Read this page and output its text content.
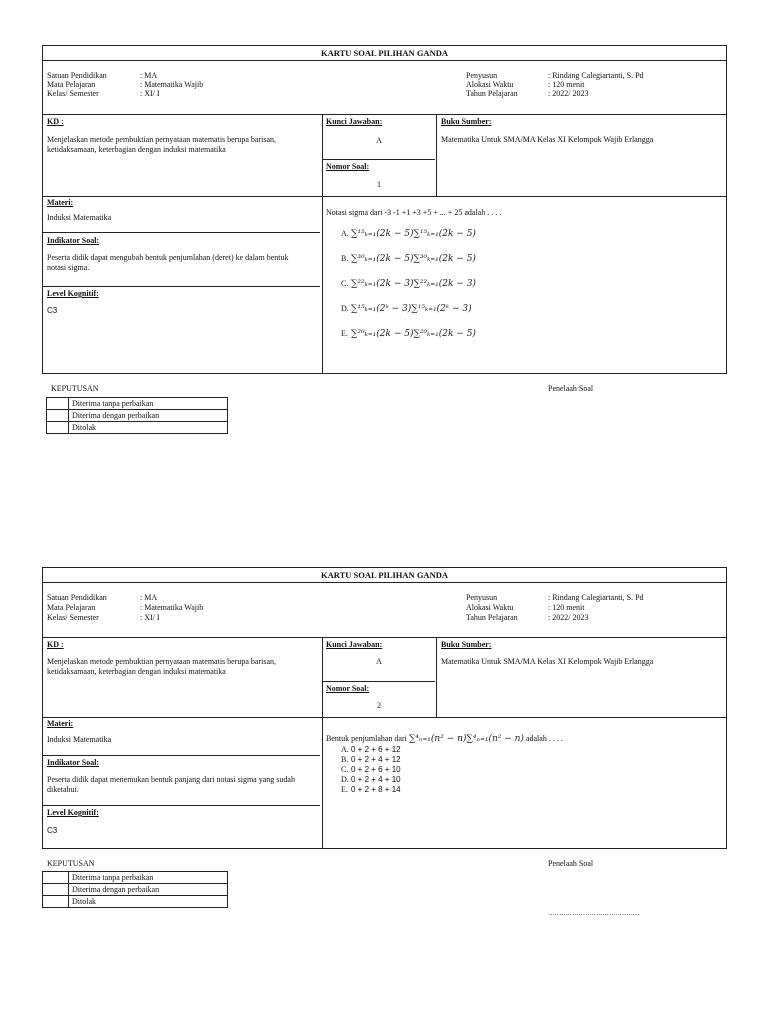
KARTU SOAL PILIHAN GANDA
Satuan Pendidikan	: MA
Mata Pelajaran	: Matematika Wajib
Kelas/ Semester	: XI/ I
Penyusun	: Rindang Calegiartanti, S. Pd
Alokasi Waktu	: 120 menit
Tahun Pelajaran	: 2022/ 2023
KD :
Menjelaskan metode pembuktian pernyataan matematis berupa barisan, ketidaksamaan, keterbagian dengan induksi matematika
Kunci Jawaban:
A
Nomor Soal:
1
Buku Sumber:
Matematika Untuk SMA/MA Kelas XI Kelompok Wajib Erlangga
Materi:
Induksi Matematika
Indikator Soal:
Peserta didik dapat mengubah bentuk penjumlahan (deret) ke dalam bentuk notasi sigma.
Level Kognitif:
C3
Notasi sigma dari -3 -1 +1 +3 +5 + ... + 25 adalah . . . .
A. ∑¹⁵ₖ₌₁(2k − 5)∑¹⁵ₖ₌₁(2k − 5)
B. ∑³⁰ₖ₌₁(2k − 5)∑³⁰ₖ₌₁(2k − 5)
C. ∑²²ₖ₌₁(2k − 3)∑²²ₖ₌₁(2k − 3)
D. ∑¹⁵ₖ₌₁(2ᵏ − 3)∑¹⁵ₖ₌₁(2ᵏ − 3)
E. ∑²⁰ₖ₌₁(2k − 5)∑²⁰ₖ₌₁(2k − 5)
KEPUTUSAN	Penelaah Soal
	Diterima tanpa perbaikan
	Diterima dengan perbaikan
	Ditolak
KARTU SOAL PILIHAN GANDA
Satuan Pendidikan	: MA
Mata Pelajaran	: Matematika Wajib
Kelas/ Semester	: XI/ I
Penyusun	: Rindang Calegiartanti, S. Pd
Alokasi Waktu	: 120 menit
Tahun Pelajaran	: 2022/ 2023
KD :
Menjelaskan metode pembuktian pernyataan matematis berupa barisan, ketidaksamaan, keterbagian dengan induksi matematika
Kunci Jawaban:
A
Nomor Soal:
2
Buku Sumber:
Matematika Untuk SMA/MA Kelas XI Kelompok Wajib Erlangga
Materi:
Induksi Matematika
Indikator Soal:
Peserta didik dapat menemukan bentuk panjang dari notasi sigma yang sudah diketahui.
Level Kognitif:
C3
Bentuk penjumlahan dari ∑⁴ₙ₌₁(n² − n)∑⁴ₙ₌₁(n² − n) adalah . . . .
A. 0 + 2 + 6 + 12
B. 0 + 2 + 4 + 12
C. 0 + 2 + 6 + 10
D. 0 + 2 + 4 + 10
E. 0 + 2 + 8 + 14
KEPUTUSAN	Penelaah Soal
	Diterima tanpa perbaikan
	Diterima dengan perbaikan
	Ditolak
……………………………………
